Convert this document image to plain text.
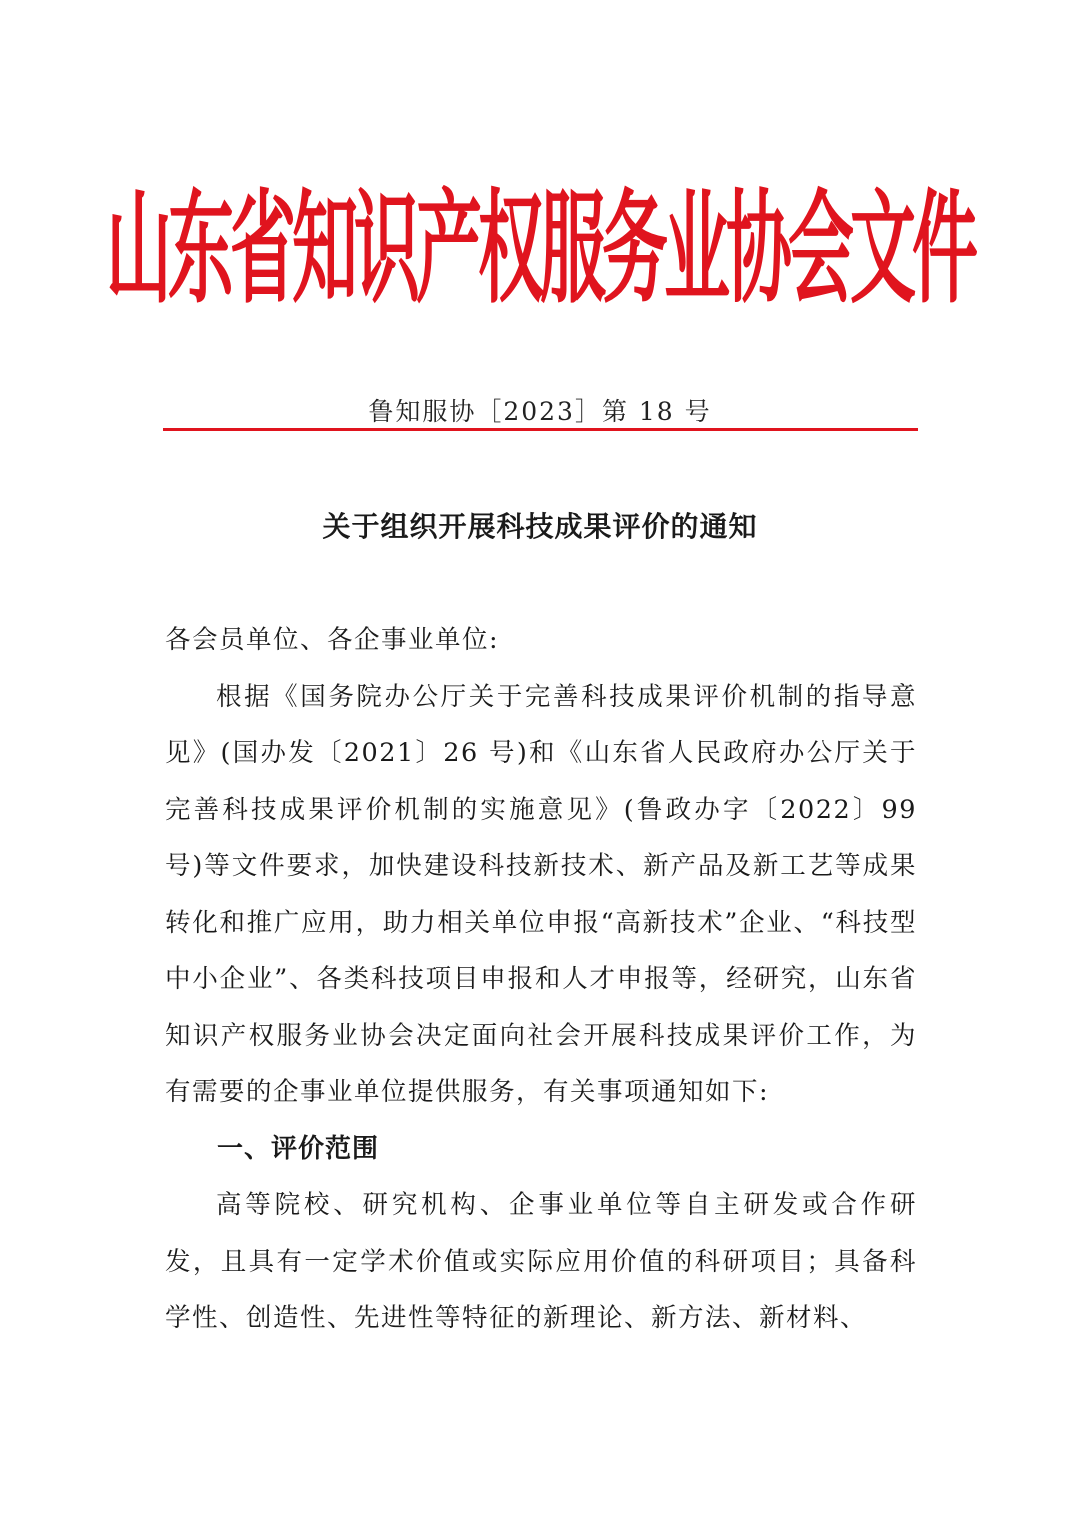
山东省知识产权服务业协会文件
鲁知服协［2023］第 18 号
关于组织开展科技成果评价的通知

各会员单位、各企事业单位:

根据《国务院办公厅关于完善科技成果评价机制的指导意见》(国办发〔2021〕26 号)和《山东省人民政府办公厅关于完善科技成果评价机制的实施意见》(鲁政办字〔2022〕99 号)等文件要求，加快建设科技新技术、新产品及新工艺等成果转化和推广应用，助力相关单位申报“高新技术”企业、“科技型中小企业”、各类科技项目申报和人才申报等，经研究，山东省知识产权服务业协会决定面向社会开展科技成果评价工作，为有需要的企事业单位提供服务，有关事项通知如下:

一、评价范围

高等院校、研究机构、企事业单位等自主研发或合作研发，且具有一定学术价值或实际应用价值的科研项目；具备科学性、创造性、先进性等特征的新理论、新方法、新材料、
